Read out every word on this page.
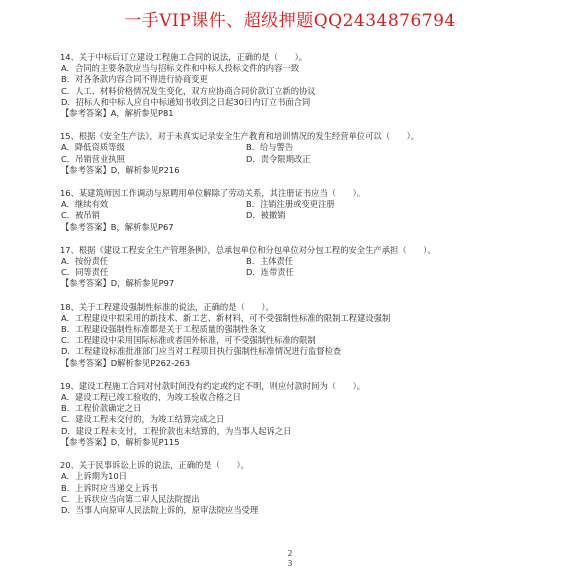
一手VIP课件、超级押题QQ2434876794

14、关于中标后订立建设工程施工合同的说法，正确的是（　　）。

A．合同的主要条款应当与招标文件和中标人投标文件的内容一致

B．对各条款内容合同不得进行协商变更

C．人工、材料价格情况发生变化，双方应协商合同价款订立新的协议

D．招标人和中标人应自中标通知书收到之日起30日内订立书面合同

【参考答案】A，解析参见P81

15、根据《安全生产法》，对于未真实记录安全生产教育和培训情况的发生经营单位可以（　　）。

A．降低资质等级	B．给与警告

C．吊销营业执照	D．责令限期改正

【参考答案】D，解析参见P216

16、某建筑师因工作调动与原聘用单位解除了劳动关系，其注册证书应当（　　）。

A．继续有效	B．注销注册或变更注册

C．被吊销	D．被撤销

【参考答案】B，解析参见P67

17、根据《建设工程安全生产管理条例》，总承包单位和分包单位对分包工程的安全生产承担（　　）。

A．按份责任	B．主体责任

C．同等责任	D．连带责任

【参考答案】D，解析参见P97

18、关于工程建设强制性标准的说法，正确的是（　　）。

A．工程建设中拟采用的新技术、新工艺、新材料，可不受强制性标准的限制工程建设强制

B．工程建设强制性标准都是关于工程质量的强制性条文

C．工程建设中采用国际标准或者国外标准，可不受强制性标准的限制

D．工程建设标准批准部门应当对工程项目执行强制性标准情况进行监督检查

【参考答案】D解析参见P262-263

19、建设工程施工合同对付款时间没有约定或约定不明，则应付款时间为（　　）。

A．建设工程已竣工验收的，为竣工验收合格之日

B．工程价款确定之日

C．建设工程未交付的，为竣工结算完成之日

D．建设工程未支付，工程价款也未结算的，为当事人起诉之日

【参考答案】D，解析参见P115

20、关于民事诉讼上诉的说法，正确的是（　　）。

A．上诉期为10日

B．上诉时应当递交上诉书

C．上诉状应当向第二审人民法院提出

D．当事人向原审人民法院上诉的，原审法院应当受理

2
3
